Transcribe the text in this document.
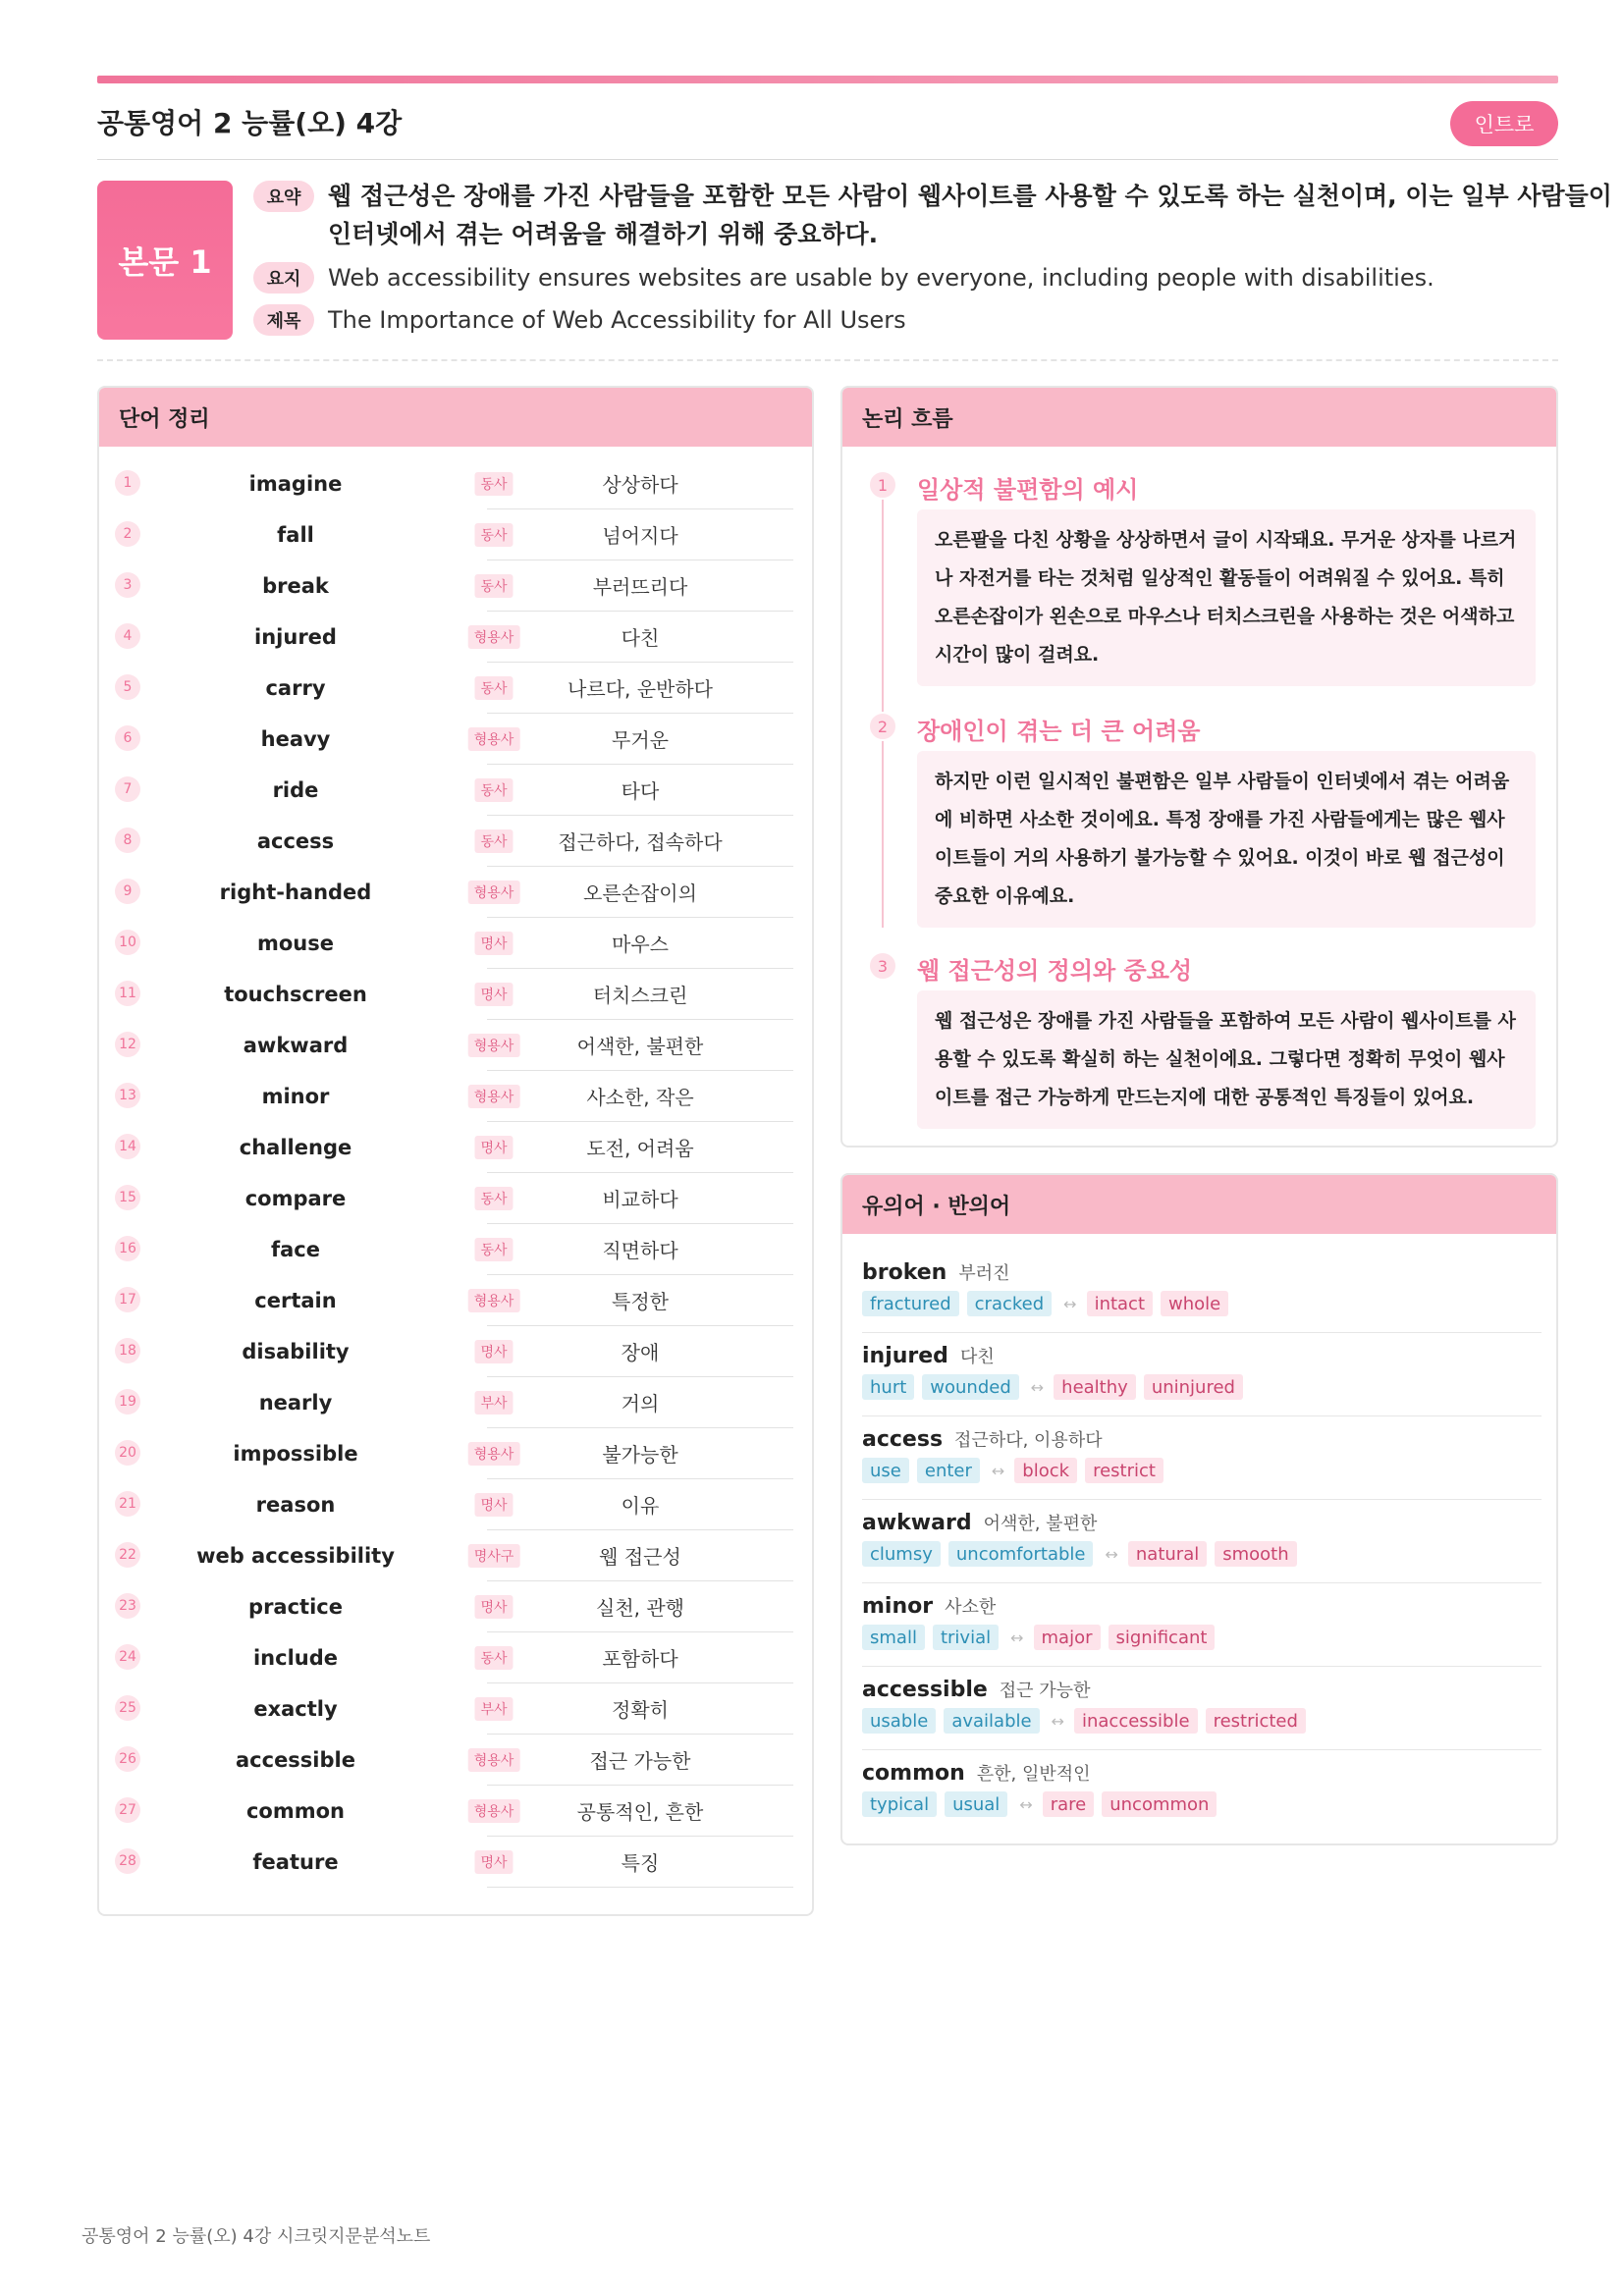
공통영어 2 능률(오) 4강	인트로
본문 1
요약	웹 접근성은 장애를 가진 사람들을 포함한 모든 사람이 웹사이트를 사용할 수 있도록 하는 실천이며, 이는 일부 사람들이 인터넷에서 겪는 어려움을 해결하기 위해 중요하다.
요지	Web accessibility ensures websites are usable by everyone, including people with disabilities.
제목	The Importance of Web Accessibility for All Users
단어 정리
1	imagine	동사	상상하다
2	fall	동사	넘어지다
3	break	동사	부러뜨리다
4	injured	형용사	다친
5	carry	동사	나르다, 운반하다
6	heavy	형용사	무거운
7	ride	동사	타다
8	access	동사	접근하다, 접속하다
9	right-handed	형용사	오른손잡이의
10	mouse	명사	마우스
11	touchscreen	명사	터치스크린
12	awkward	형용사	어색한, 불편한
13	minor	형용사	사소한, 작은
14	challenge	명사	도전, 어려움
15	compare	동사	비교하다
16	face	동사	직면하다
17	certain	형용사	특정한
18	disability	명사	장애
19	nearly	부사	거의
20	impossible	형용사	불가능한
21	reason	명사	이유
22	web accessibility	명사구	웹 접근성
23	practice	명사	실천, 관행
24	include	동사	포함하다
25	exactly	부사	정확히
26	accessible	형용사	접근 가능한
27	common	형용사	공통적인, 흔한
28	feature	명사	특징
논리 흐름
1	일상적 불편함의 예시
오른팔을 다친 상황을 상상하면서 글이 시작돼요. 무거운 상자를 나르거나 자전거를 타는 것처럼 일상적인 활동들이 어려워질 수 있어요. 특히 오른손잡이가 왼손으로 마우스나 터치스크린을 사용하는 것은 어색하고 시간이 많이 걸려요.
2	장애인이 겪는 더 큰 어려움
하지만 이런 일시적인 불편함은 일부 사람들이 인터넷에서 겪는 어려움에 비하면 사소한 것이에요. 특정 장애를 가진 사람들에게는 많은 웹사이트들이 거의 사용하기 불가능할 수 있어요. 이것이 바로 웹 접근성이 중요한 이유예요.
3	웹 접근성의 정의와 중요성
웹 접근성은 장애를 가진 사람들을 포함하여 모든 사람이 웹사이트를 사용할 수 있도록 확실히 하는 실천이에요. 그렇다면 정확히 무엇이 웹사이트를 접근 가능하게 만드는지에 대한 공통적인 특징들이 있어요.
유의어 · 반의어
broken 부러진
fractured	cracked	↔	intact	whole
injured 다친
hurt	wounded	↔	healthy	uninjured
access 접근하다, 이용하다
use	enter	↔	block	restrict
awkward 어색한, 불편한
clumsy	uncomfortable	↔	natural	smooth
minor 사소한
small	trivial	↔	major	significant
accessible 접근 가능한
usable	available	↔	inaccessible	restricted
common 흔한, 일반적인
typical	usual	↔	rare	uncommon
공통영어 2 능률(오) 4강 시크릿지문분석노트
